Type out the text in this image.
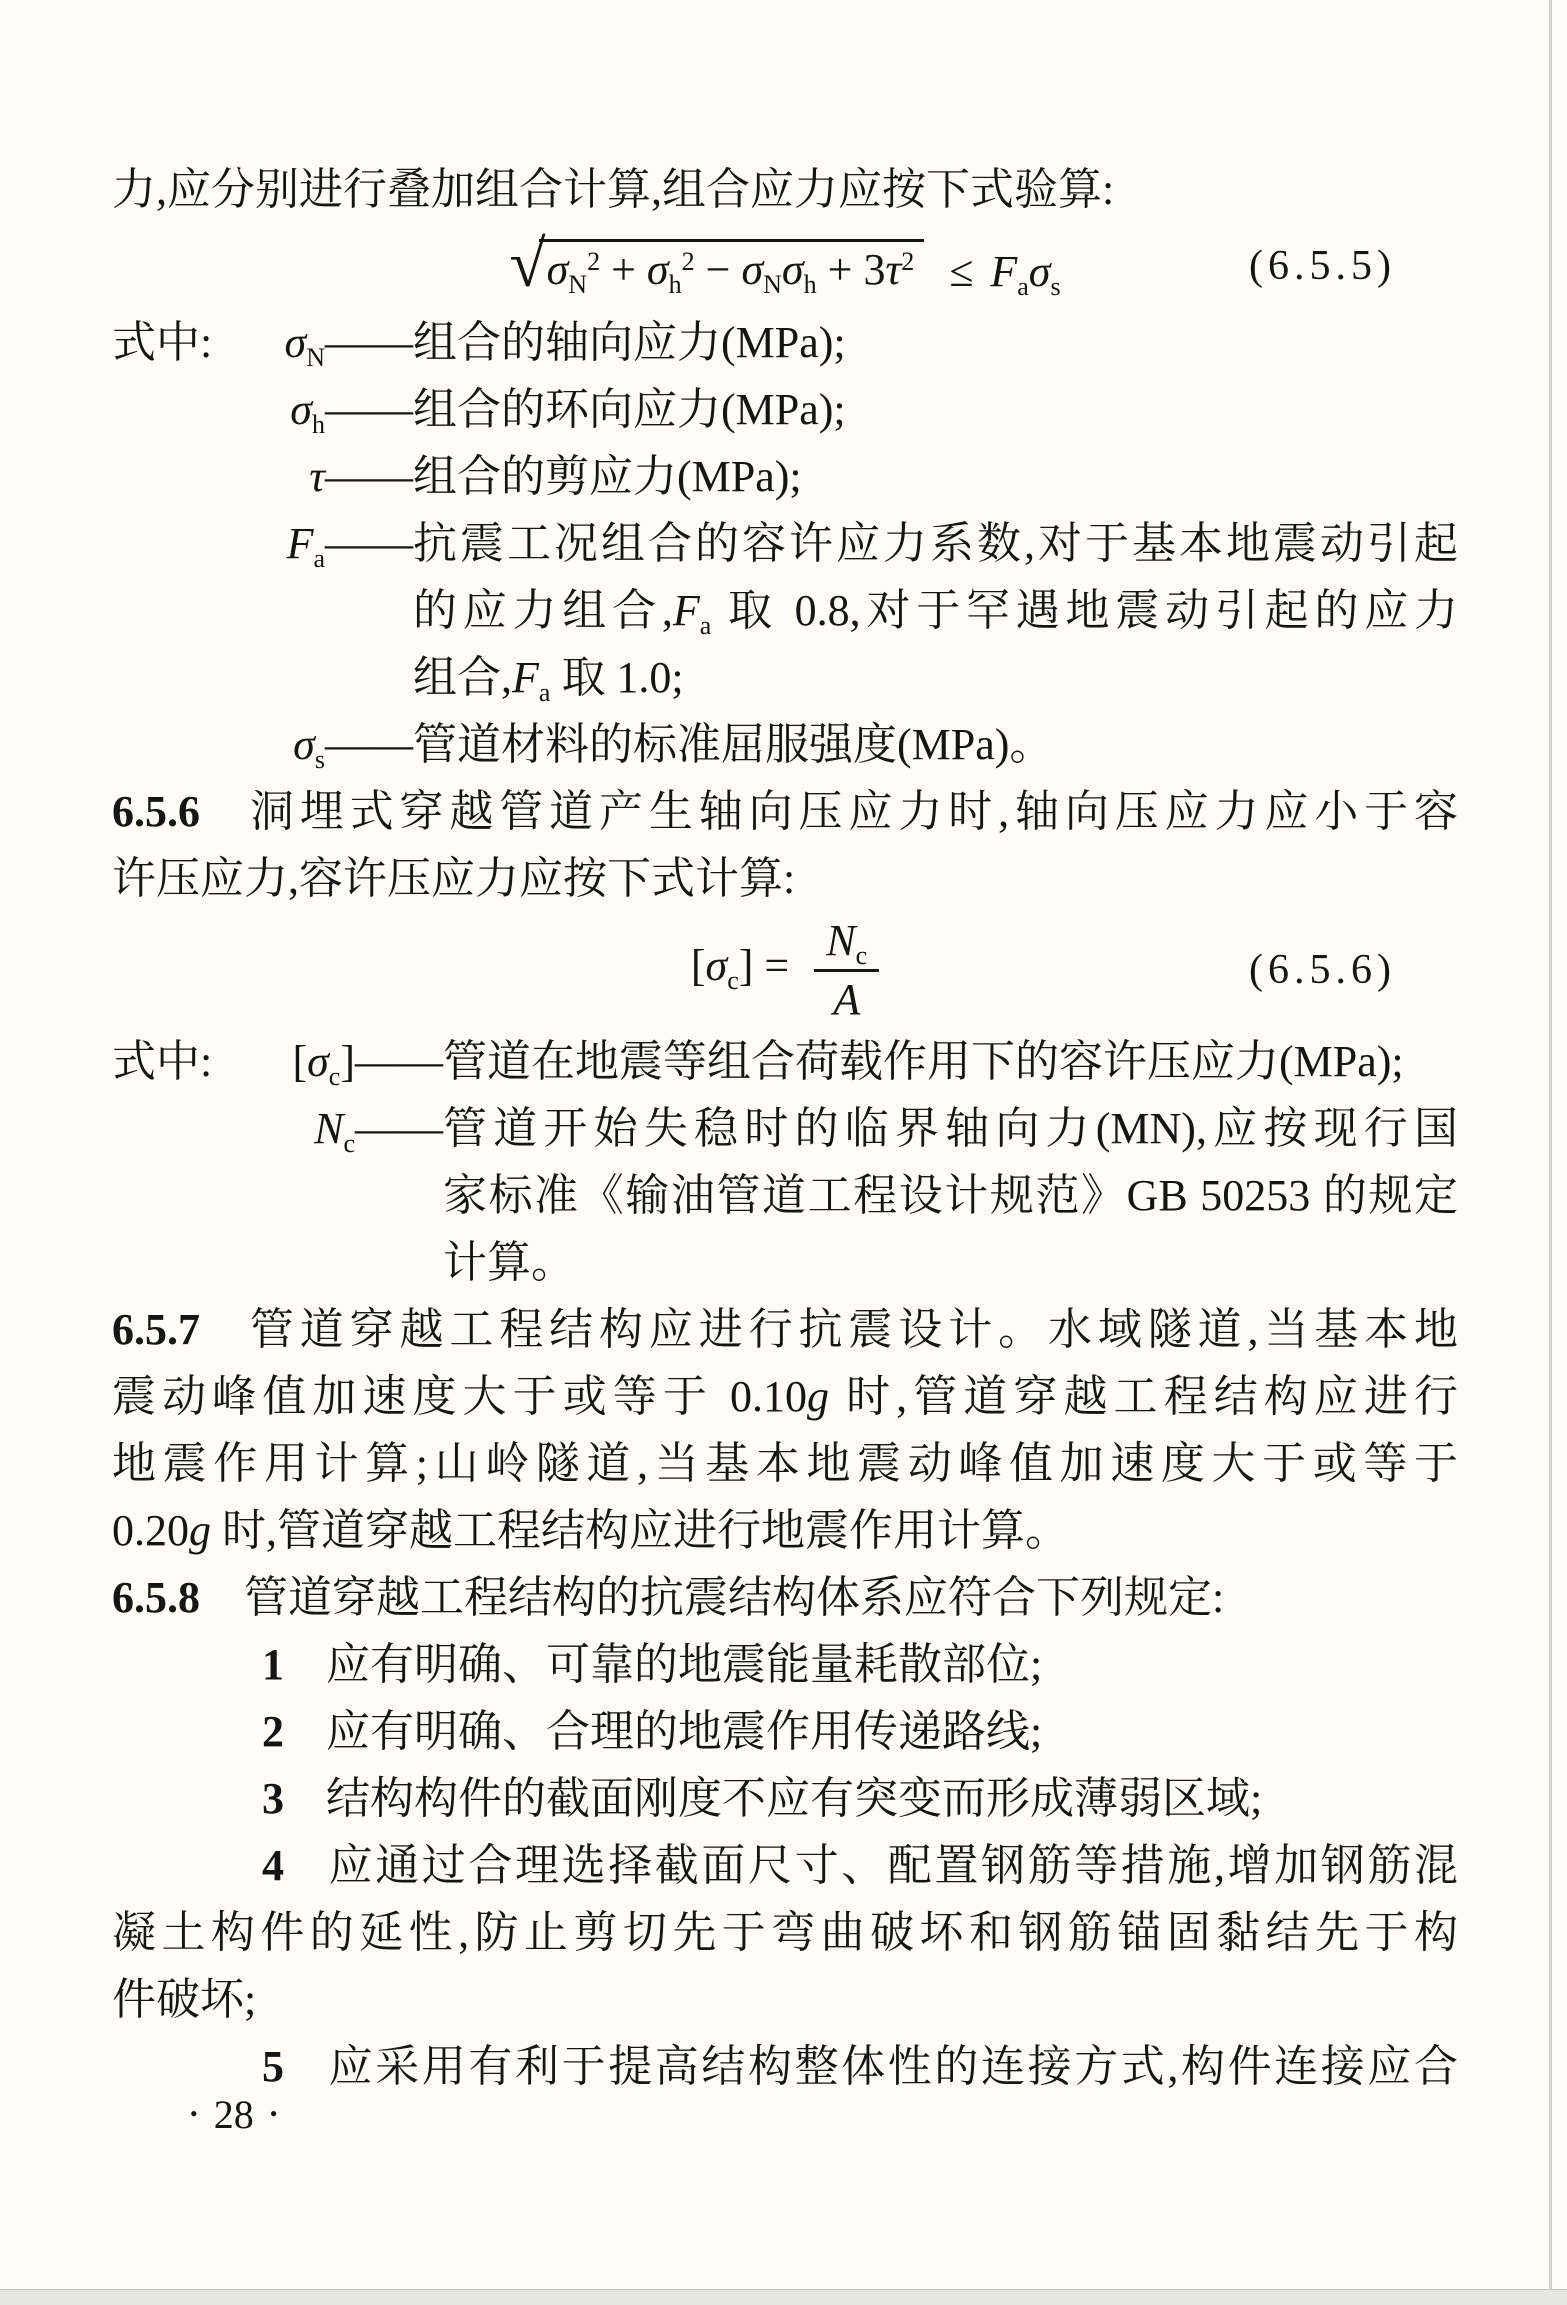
力,应分别进行叠加组合计算,组合应力应按下式验算:
√ $\sigma_N^2 + \sigma_h^2 - \sigma_N\sigma_h + 3\tau^2 \le F_a\sigma_s$	(6.5.5)
式中:	$\sigma_N$ —— 组合的轴向应力(MPa);
$\sigma_h$ —— 组合的环向应力(MPa);
τ —— 组合的剪应力(MPa);
$F_a$ —— 抗震工况组合的容许应力系数,对于基本地震动引起
的应力组合$,F_a$ 取 0.8,对于罕遇地震动引起的应力
组合$,F_a$ 取 1.0;
$\sigma_s$ —— 管道材料的标准屈服强度(MPa)。
6.5.6 洞埋式穿越管道产生轴向压应力时,轴向压应力应小于容
许压应力,容许压应力应按下式计算:
$[\sigma_c] = \frac{N_c}{A}$	(6.5.6)
式中:	$[\sigma_c]$ —— 管道在地震等组合荷载作用下的容许压应力(MPa);
$N_c$ —— 管道开始失稳时的临界轴向力(MN),应按现行国
家标准《输油管道工程设计规范》GB 50253 的规定
计算。
6.5.7 管道穿越工程结构应进行抗震设计。水域隧道,当基本地
震动峰值加速度大于或等于 0.10g 时,管道穿越工程结构应进行
地震作用计算;山岭隧道,当基本地震动峰值加速度大于或等于
0.20g 时,管道穿越工程结构应进行地震作用计算。
6.5.8 管道穿越工程结构的抗震结构体系应符合下列规定:
1 应有明确、可靠的地震能量耗散部位;
2 应有明确、合理的地震作用传递路线;
3 结构构件的截面刚度不应有突变而形成薄弱区域;
4 应通过合理选择截面尺寸、配置钢筋等措施,增加钢筋混
凝土构件的延性,防止剪切先于弯曲破坏和钢筋锚固黏结先于构
件破坏;
5 应采用有利于提高结构整体性的连接方式,构件连接应合
• 28 •
